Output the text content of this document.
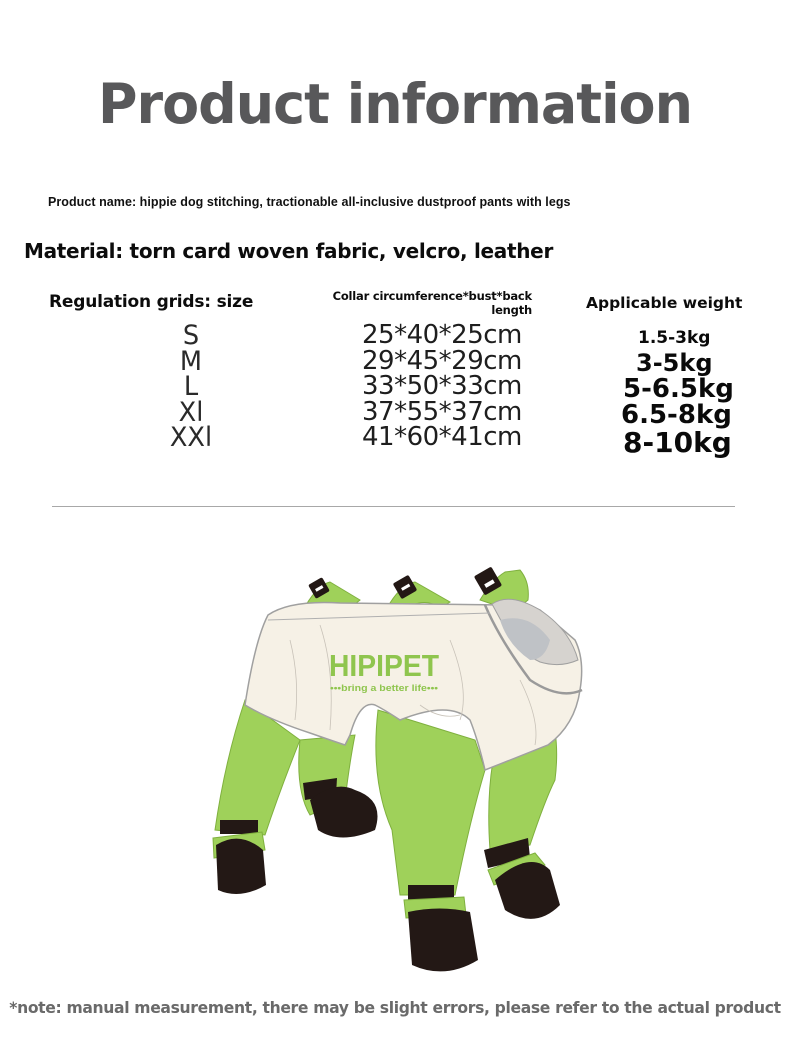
Product information
Product name: hippie dog stitching, tractionable all-inclusive dustproof pants with legs
Material: torn card woven fabric, velcro, leather
Regulation grids: size	Collar circumference*bust*back length	Applicable weight
S
M
L
Xl
XXl
25*40*25cm
29*45*29cm
33*50*33cm
37*55*37cm
41*60*41cm
1.5-3kg
3-5kg
5-6.5kg
6.5-8kg
8-10kg
HIPIPET
•••bring a better life•••
*note: manual measurement, there may be slight errors, please refer to the actual product
